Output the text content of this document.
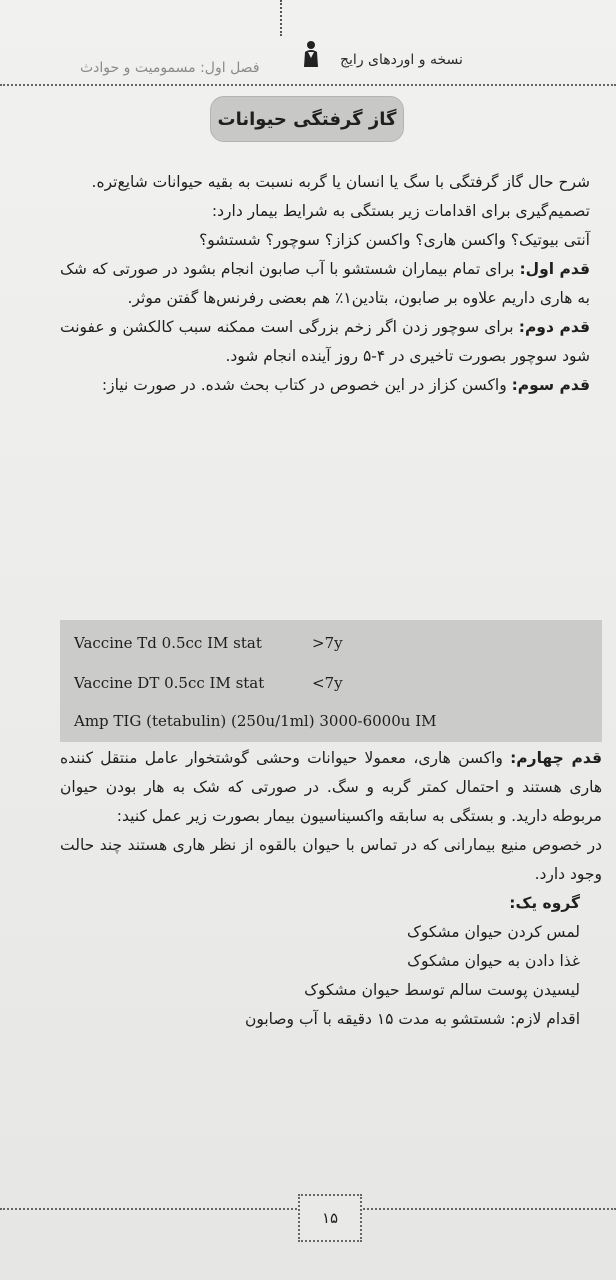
فصل اول: مسمومیت و حوادث	نسخه و اوردهای رایج
گاز گرفتگی حیوانات

شرح حال گاز گرفتگی با سگ یا انسان یا گربه نسبت به بقیه حیوانات شایع‌تره.

تصمیم‌گیری برای اقدامات زیر بستگی به شرایط بیمار دارد:

آنتی بیوتیک؟ واکسن هاری؟ واکسن کزاز؟ سوچور؟ شستشو؟

قدم اول: برای تمام بیماران شستشو با آب صابون انجام بشود در صورتی که شک به هاری داریم علاوه بر صابون، بتادین۱٪ هم بعضی رفرنس‌ها گفتن موثر.

قدم دوم: برای سوچور زدن اگر زخم بزرگی است ممکنه سبب کالکشن و عفونت شود سوچور بصورت تاخیری در ۴-۵ روز آینده انجام شود.

قدم سوم: واکسن کزاز در این خصوص در کتاب بحث شده. در صورت نیاز:

Vaccine Td 0.5cc IM stat	>7y
Vaccine DT 0.5cc IM stat	<7y
Amp TIG (tetabulin) (250u/1ml) 3000-6000u IM

قدم چهارم: واکسن هاری، معمولا حیوانات وحشی گوشتخوار عامل منتقل کننده هاری هستند و احتمال کمتر گربه و سگ. در صورتی که شک به هار بودن حیوان مربوطه دارید. و بستگی به سابقه واکسیناسیون بیمار بصورت زیر عمل کنید:

در خصوص منیع بیمارانی که در تماس با حیوان بالقوه از نظر هاری هستند چند حالت وجود دارد.

گروه یک:

لمس کردن حیوان مشکوک

غذا دادن به حیوان مشکوک

لیسیدن پوست سالم توسط حیوان مشکوک

اقدام لازم: شستشو به مدت ۱۵ دقیقه با آب وصابون

۱۵
